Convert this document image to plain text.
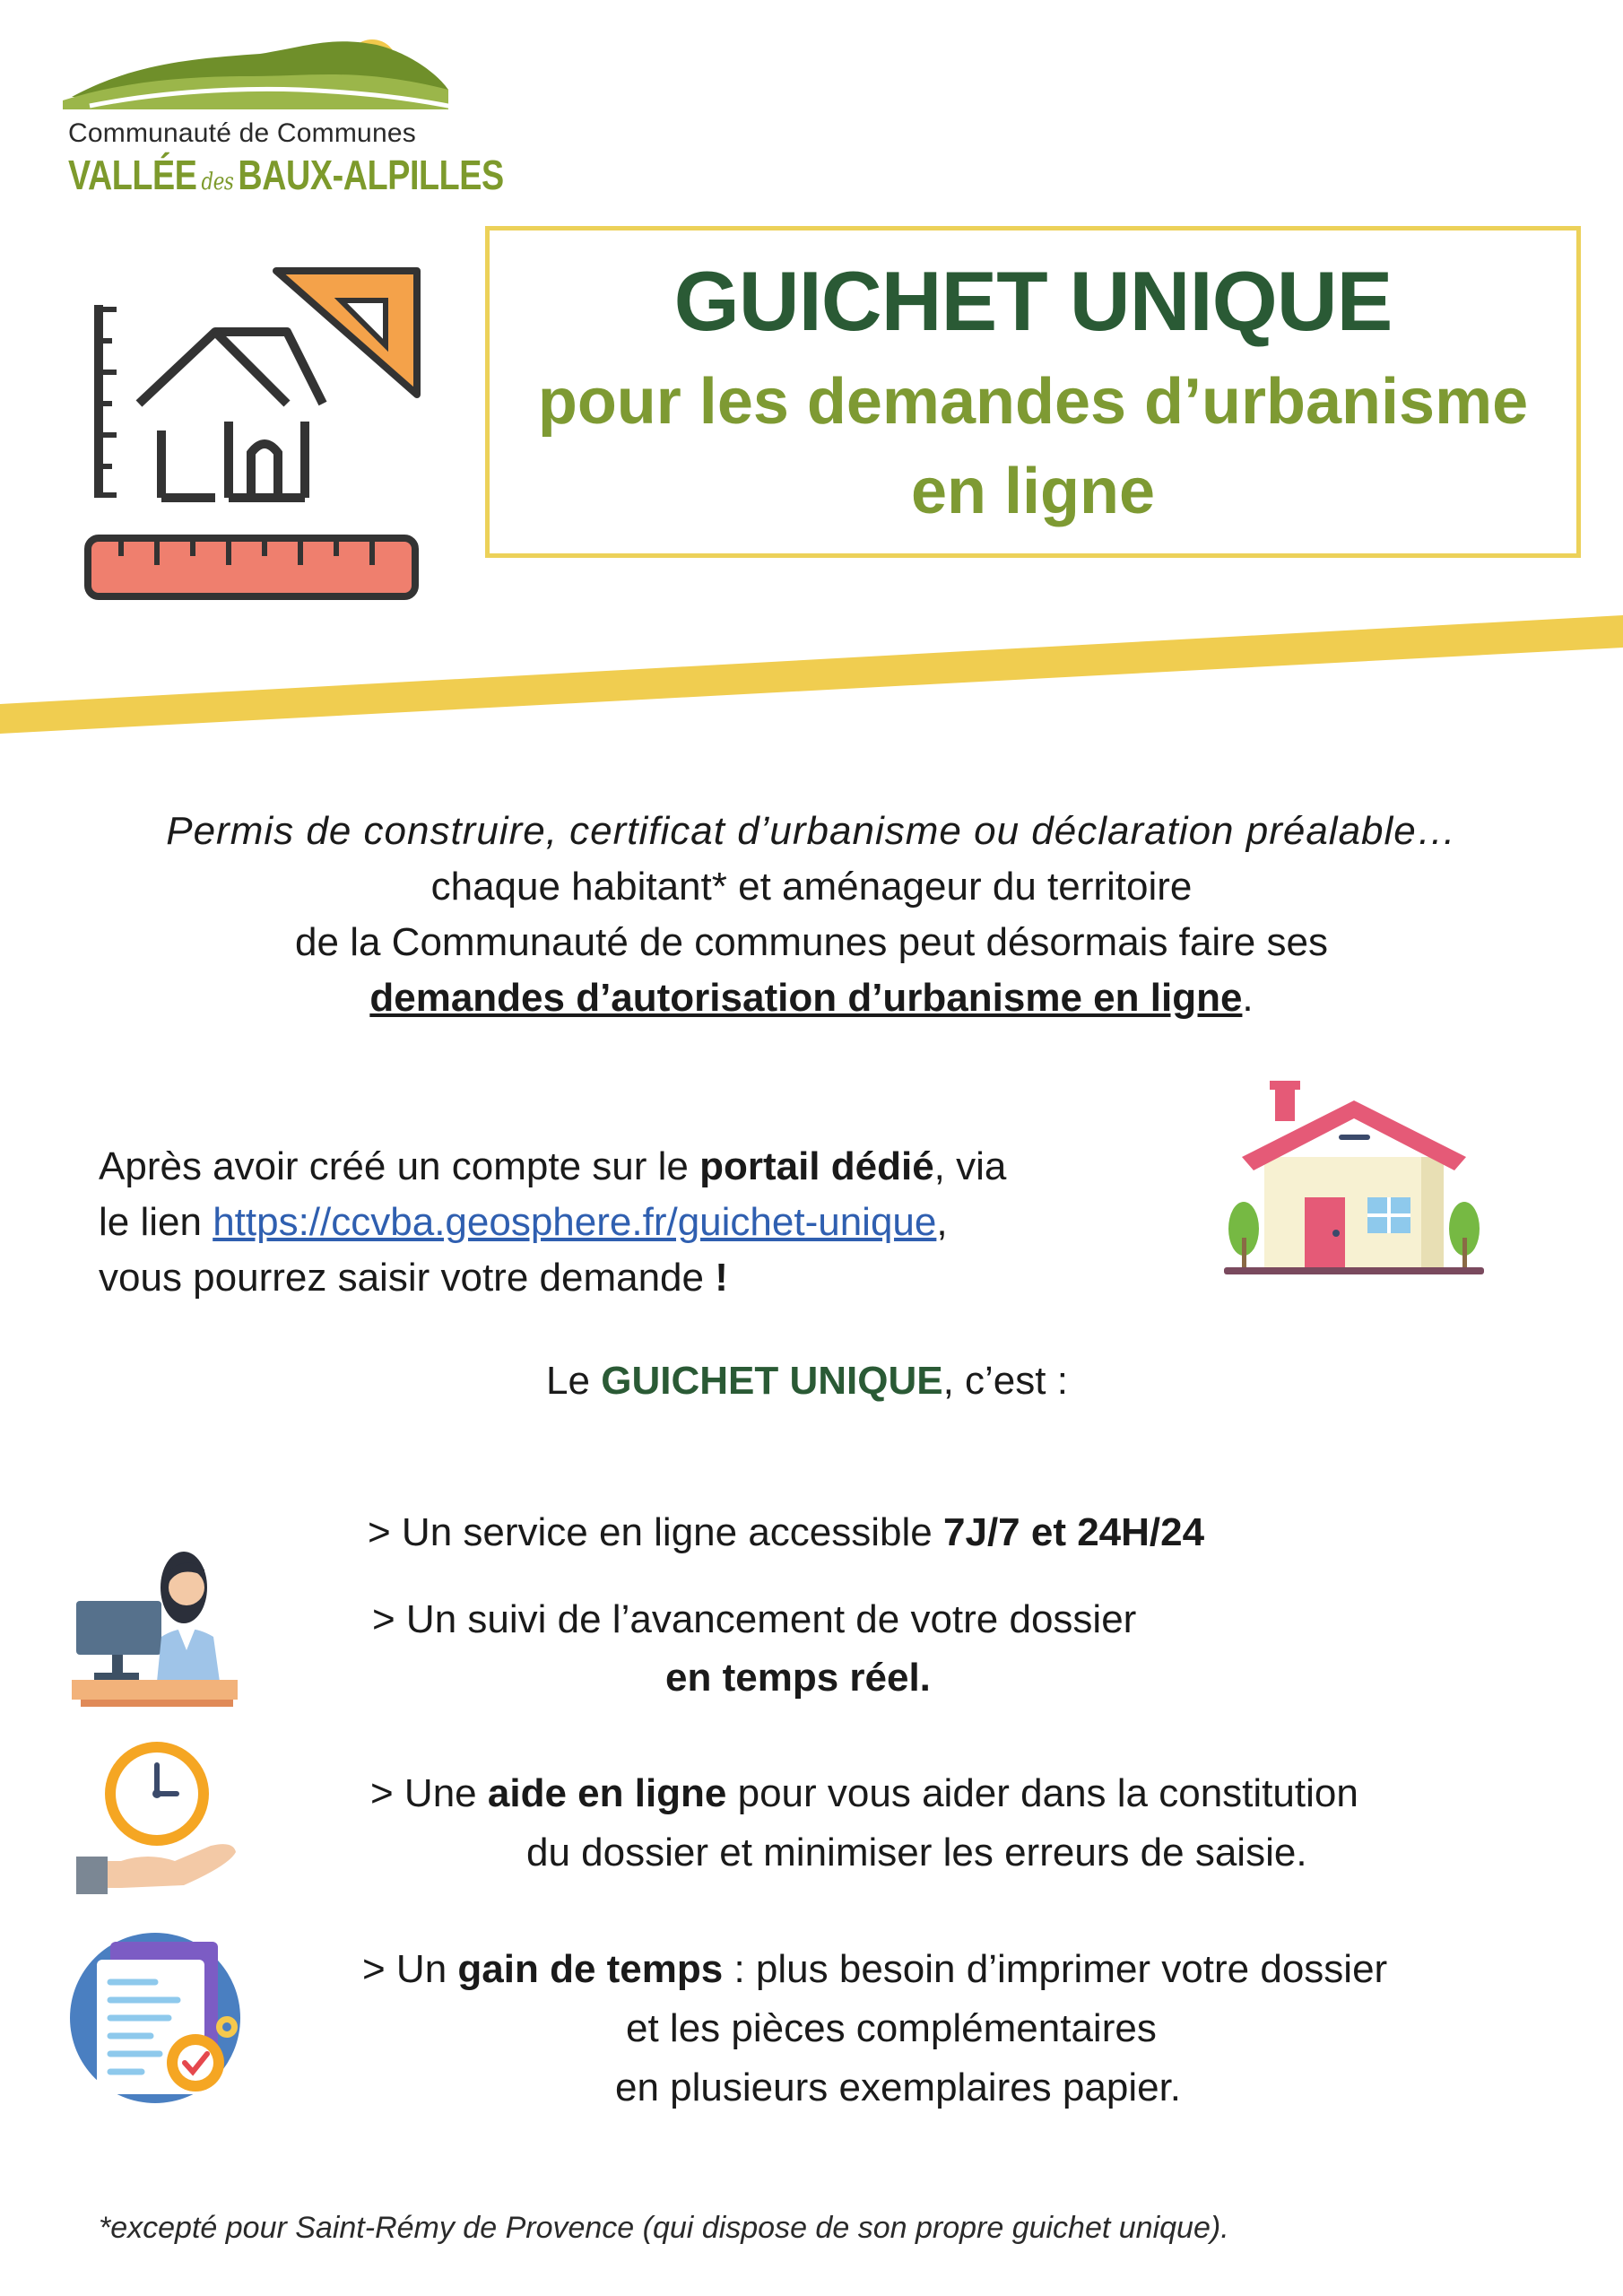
Communauté de Communes
VALLÉE des BAUX-ALPILLES
GUICHET UNIQUE
pour les demandes d’urbanisme
en ligne
Permis de construire, certificat d’urbanisme ou déclaration préalable…
chaque habitant* et aménageur du territoire
de la Communauté de communes peut désormais faire ses
demandes d’autorisation d’urbanisme en ligne.
Après avoir créé un compte sur le portail dédié, via
le lien https://ccvba.geosphere.fr/guichet-unique,
vous pourrez saisir votre demande !
Le GUICHET UNIQUE, c’est :
> Un service en ligne accessible 7J/7 et 24H/24
> Un suivi de l’avancement de votre dossier
en temps réel.
> Une aide en ligne pour vous aider dans la constitution
du dossier et minimiser les erreurs de saisie.
> Un gain de temps : plus besoin d’imprimer votre dossier
et les pièces complémentaires
en plusieurs exemplaires papier.
*excepté pour Saint-Rémy de Provence (qui dispose de son propre guichet unique).
